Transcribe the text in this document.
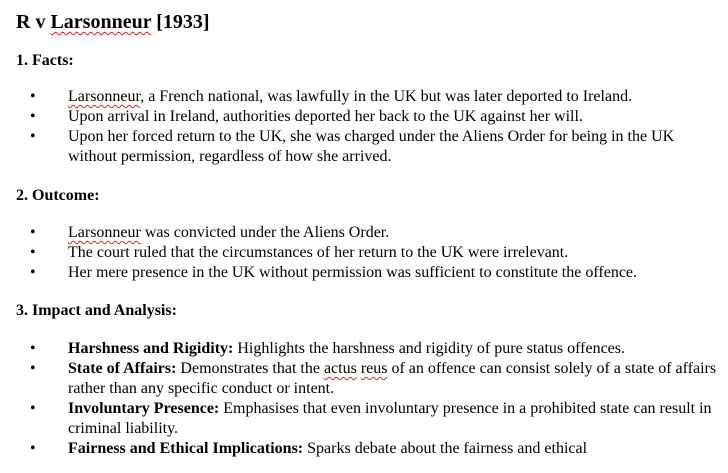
R v Larsonneur [1933]
1. Facts:
• Larsonneur, a French national, was lawfully in the UK but was later deported to Ireland.
• Upon arrival in Ireland, authorities deported her back to the UK against her will.
• Upon her forced return to the UK, she was charged under the Aliens Order for being in the UK without permission, regardless of how she arrived.
2. Outcome:
• Larsonneur was convicted under the Aliens Order.
• The court ruled that the circumstances of her return to the UK were irrelevant.
• Her mere presence in the UK without permission was sufficient to constitute the offence.
3. Impact and Analysis:
• Harshness and Rigidity: Highlights the harshness and rigidity of pure status offences.
• State of Affairs: Demonstrates that the actus reus of an offence can consist solely of a state of affairs rather than any specific conduct or intent.
• Involuntary Presence: Emphasises that even involuntary presence in a prohibited state can result in criminal liability.
• Fairness and Ethical Implications: Sparks debate about the fairness and ethical
